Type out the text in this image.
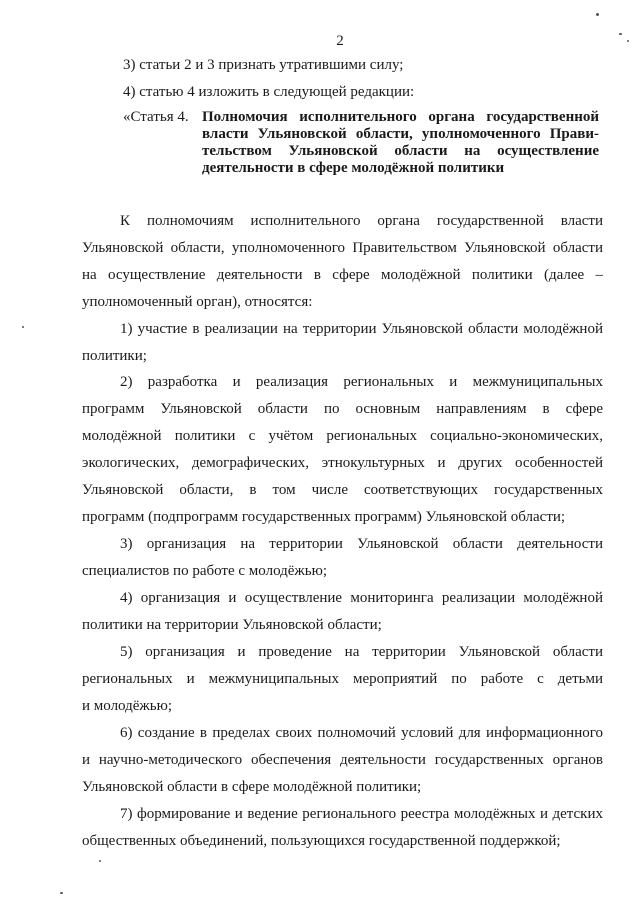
2
3) статьи 2 и 3 признать утратившими силу;
4) статью 4 изложить в следующей редакции:
«Статья 4. Полномочия исполнительного органа государственной
власти Ульяновской области, уполномоченного Прави-
тельством Ульяновской области на осуществление
деятельности в сфере молодёжной политики
К полномочиям исполнительного органа государственной власти
Ульяновской области, уполномоченного Правительством Ульяновской области
на осуществление деятельности в сфере молодёжной политики (далее –
уполномоченный орган), относятся:
1) участие в реализации на территории Ульяновской области молодёжной
политики;
2) разработка и реализация региональных и межмуниципальных
программ Ульяновской области по основным направлениям в сфере
молодёжной политики с учётом региональных социально-экономических,
экологических, демографических, этнокультурных и других особенностей
Ульяновской области, в том числе соответствующих государственных
программ (подпрограмм государственных программ) Ульяновской области;
3) организация на территории Ульяновской области деятельности
специалистов по работе с молодёжью;
4) организация и осуществление мониторинга реализации молодёжной
политики на территории Ульяновской области;
5) организация и проведение на территории Ульяновской области
региональных и межмуниципальных мероприятий по работе с детьми
и молодёжью;
6) создание в пределах своих полномочий условий для информационного
и научно-методического обеспечения деятельности государственных органов
Ульяновской области в сфере молодёжной политики;
7) формирование и ведение регионального реестра молодёжных и детских
общественных объединений, пользующихся государственной поддержкой;
